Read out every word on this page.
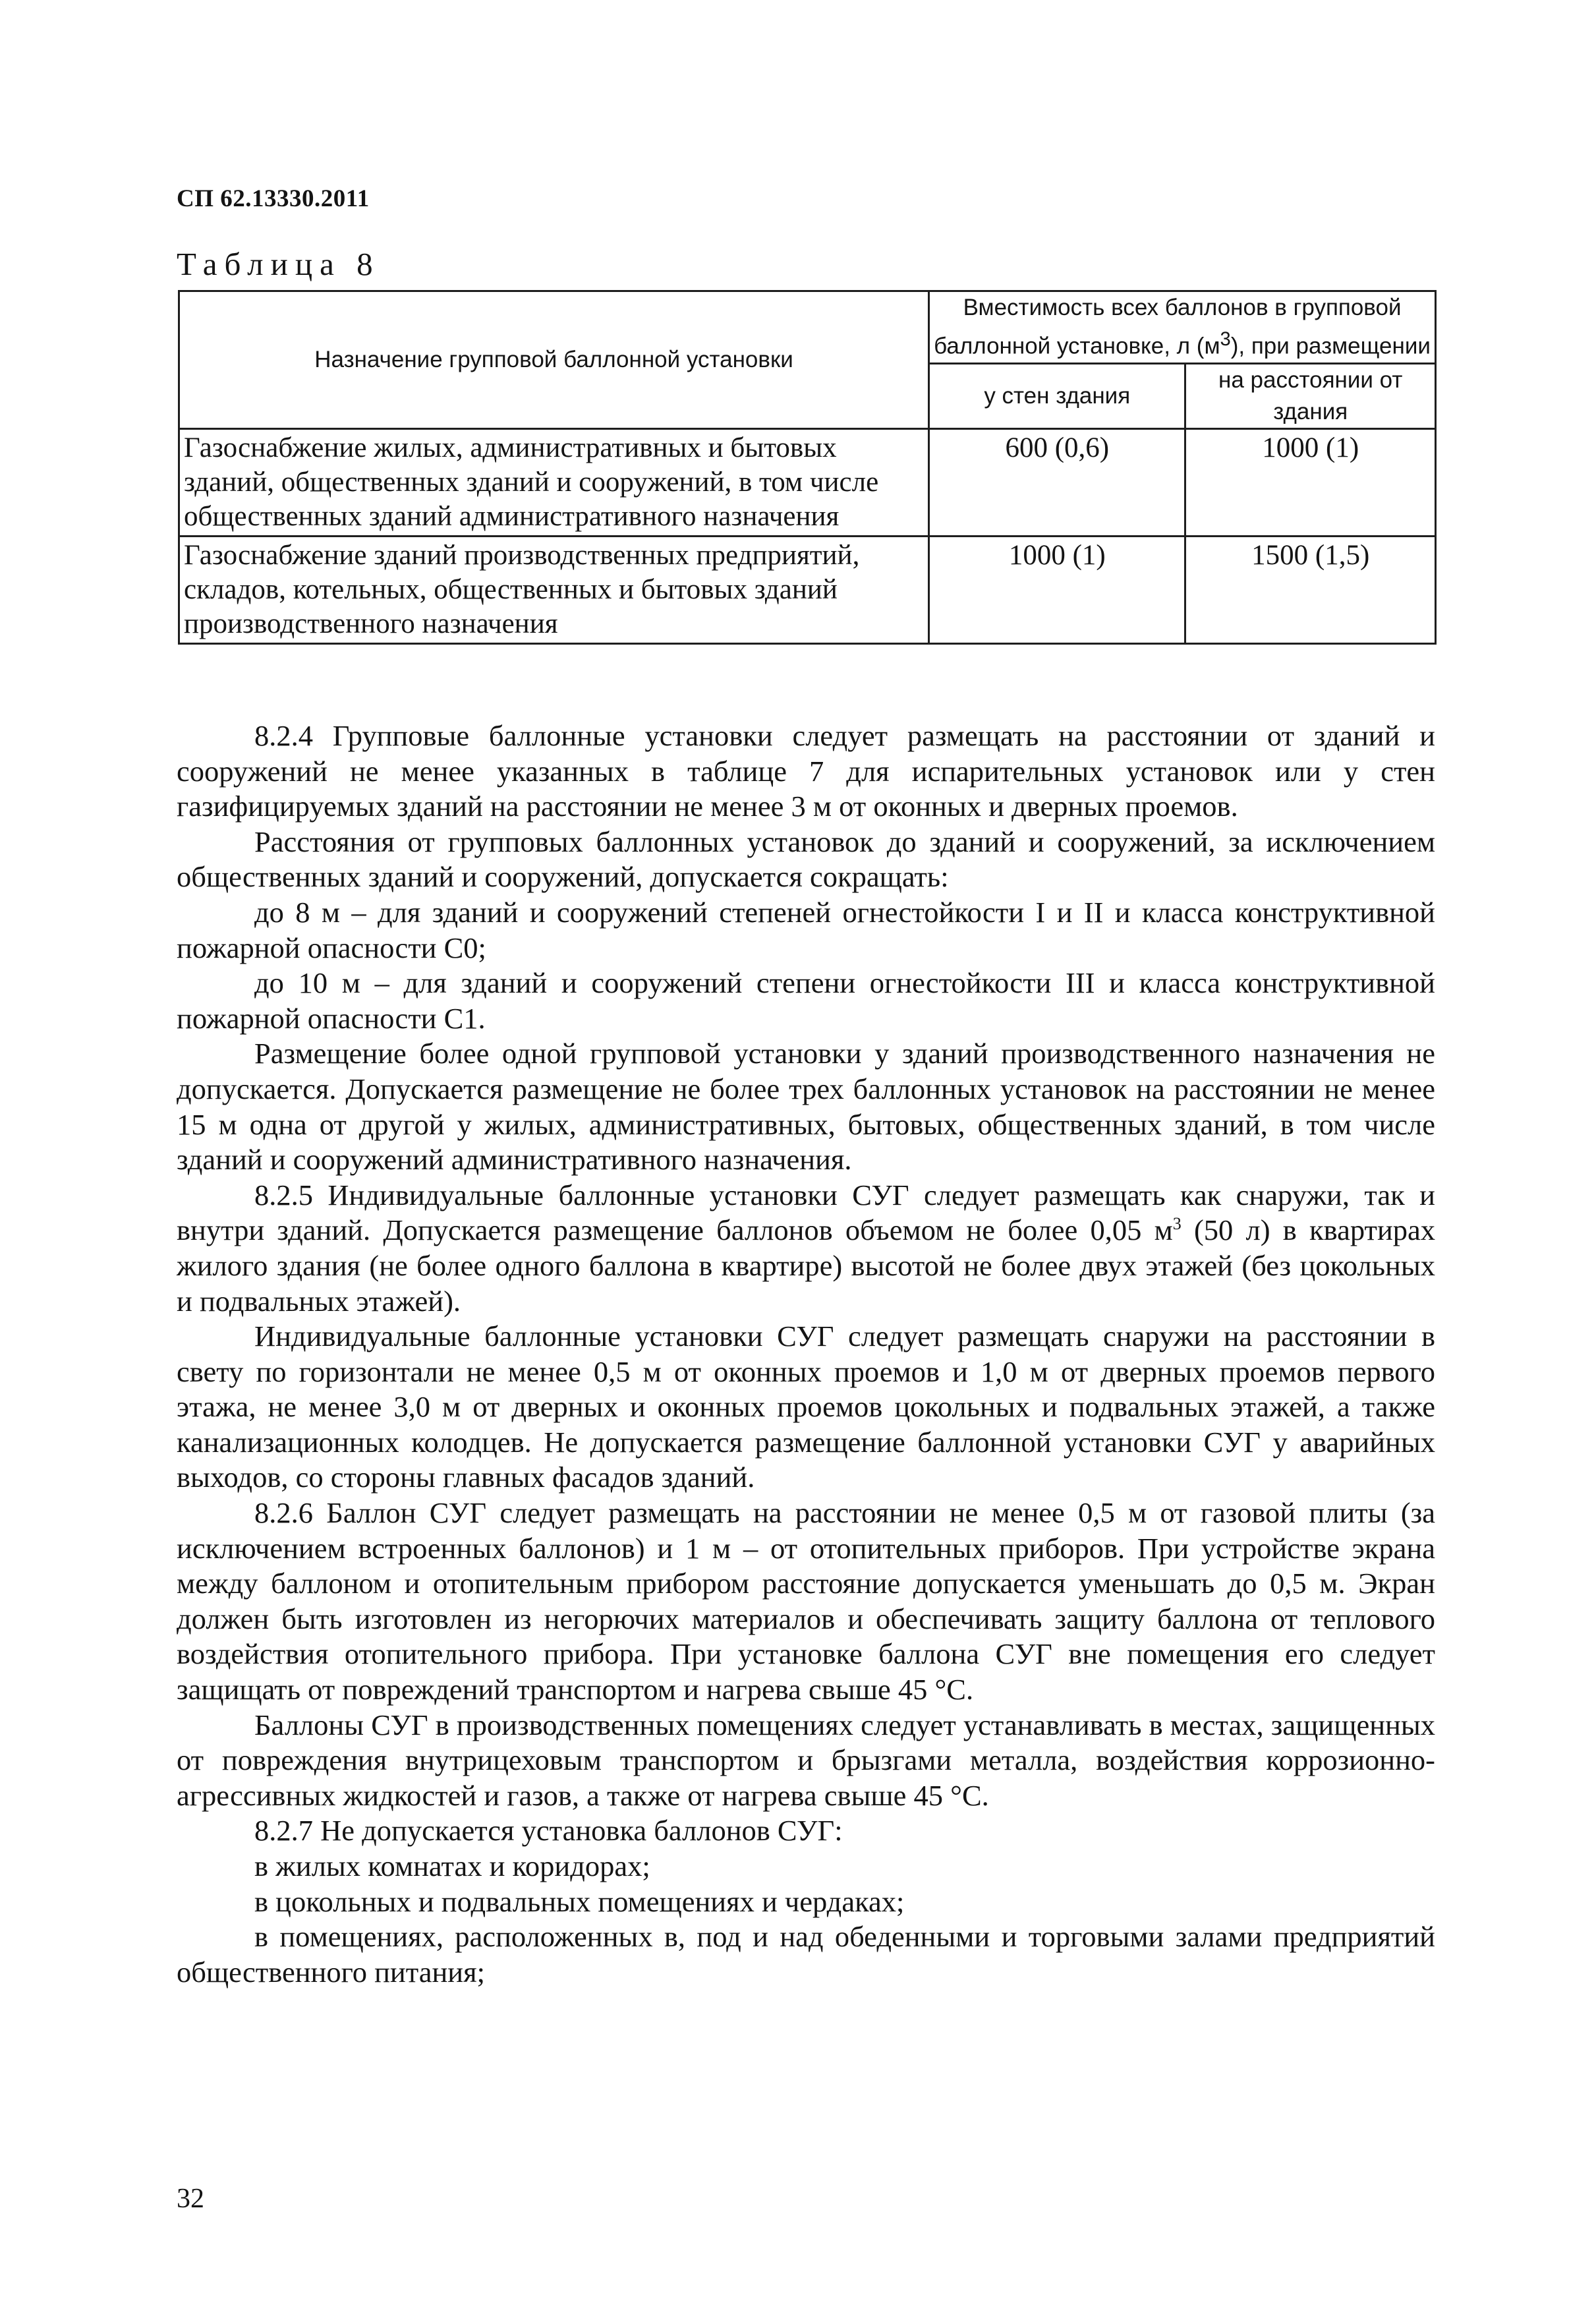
СП 62.13330.2011
Таблица 8
Назначение групповой баллонной установки	Вместимость всех баллонов в групповой баллонной установке, л $(м^3)$, при размещении	
	у стен здания	на расстоянии от здания
Газоснабжение жилых, административных и бытовых зданий, общественных зданий и сооружений, в том числе общественных зданий административного назначения	600 (0,6)	1000 (1)
Газоснабжение зданий производственных предприятий, складов, котельных, общественных и бытовых зданий производственного назначения	1000 (1)	1500 (1,5)

8.2.4 Групповые баллонные установки следует размещать на расстоянии от зданий и сооружений не менее указанных в таблице 7 для испарительных установок или у стен газифицируемых зданий на расстоянии не менее 3 м от оконных и дверных проемов.

Расстояния от групповых баллонных установок до зданий и сооружений, за исключением общественных зданий и сооружений, допускается сокращать:

до 8 м – для зданий и сооружений степеней огнестойкости I и II и класса конструктивной пожарной опасности С0;

до 10 м – для зданий и сооружений степени огнестойкости III и класса конструктивной пожарной опасности С1.

Размещение более одной групповой установки у зданий производственного назначения не допускается. Допускается размещение не более трех баллонных установок на расстоянии не менее 15 м одна от другой у жилых, административных, бытовых, общественных зданий, в том числе зданий и сооружений административного назначения.

8.2.5 Индивидуальные баллонные установки СУГ следует размещать как снаружи, так и внутри зданий. Допускается размещение баллонов объемом не более 0,05 $м^3$ (50 л) в квартирах жилого здания (не более одного баллона в квартире) высотой не более двух этажей (без цокольных и подвальных этажей).

Индивидуальные баллонные установки СУГ следует размещать снаружи на расстоянии в свету по горизонтали не менее 0,5 м от оконных проемов и 1,0 м от дверных проемов первого этажа, не менее 3,0 м от дверных и оконных проемов цокольных и подвальных этажей, а также канализационных колодцев. Не допускается размещение баллонной установки СУГ у аварийных выходов, со стороны главных фасадов зданий.

8.2.6 Баллон СУГ следует размещать на расстоянии не менее 0,5 м от газовой плиты (за исключением встроенных баллонов) и 1 м – от отопительных приборов. При устройстве экрана между баллоном и отопительным прибором расстояние допускается уменьшать до 0,5 м. Экран должен быть изготовлен из негорючих материалов и обеспечивать защиту баллона от теплового воздействия отопительного прибора. При установке баллона СУГ вне помещения его следует защищать от повреждений транспортом и нагрева свыше 45 °С.

Баллоны СУГ в производственных помещениях следует устанавливать в местах, защищенных от повреждения внутрицеховым транспортом и брызгами металла, воздействия коррозионно-агрессивных жидкостей и газов, а также от нагрева свыше 45 °С.

8.2.7 Не допускается установка баллонов СУГ:

в жилых комнатах и коридорах;

в цокольных и подвальных помещениях и чердаках;

в помещениях, расположенных в, под и над обеденными и торговыми залами предприятий общественного питания;

32
